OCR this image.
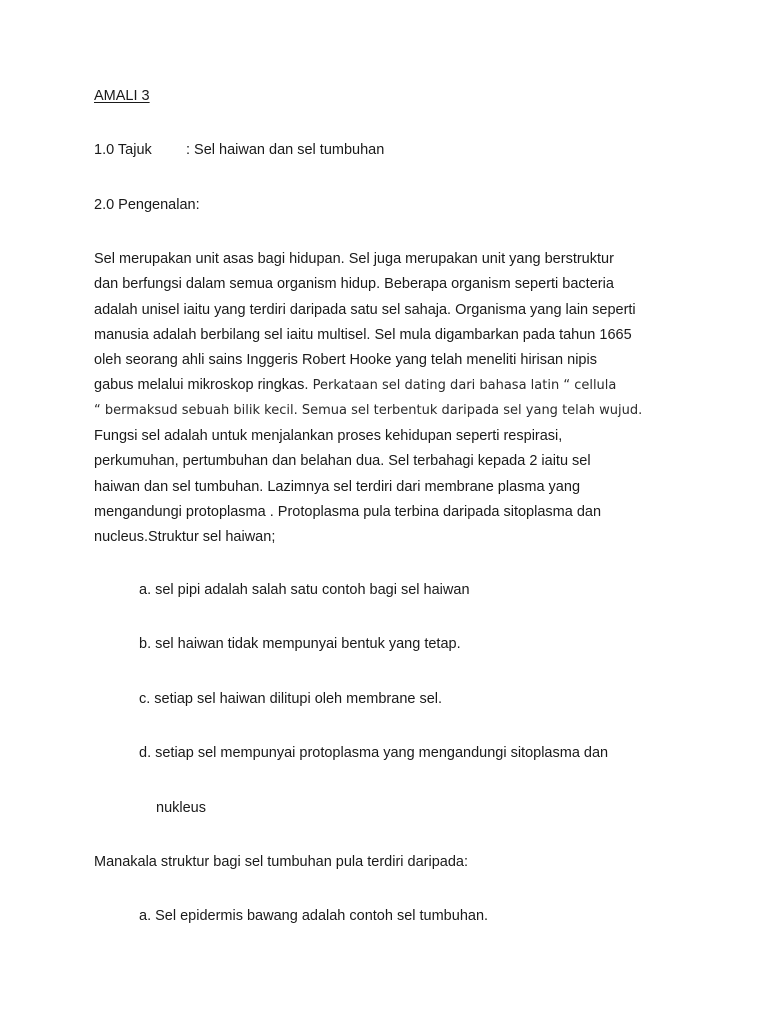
AMALI 3
1.0 Tajuk : Sel haiwan dan sel tumbuhan
2.0 Pengenalan:
Sel merupakan unit asas bagi hidupan. Sel juga merupakan unit yang berstruktur
dan berfungsi dalam semua organism hidup. Beberapa organism seperti bacteria
adalah unisel iaitu yang terdiri daripada satu sel sahaja. Organisma yang lain seperti
manusia adalah berbilang sel iaitu multisel. Sel mula digambarkan pada tahun 1665
oleh seorang ahli sains Inggeris Robert Hooke yang telah meneliti hirisan nipis
gabus melalui mikroskop ringkas. Perkataan sel dating dari bahasa latin “ cellula
“ bermaksud sebuah bilik kecil. Semua sel terbentuk daripada sel yang telah wujud.
Fungsi sel adalah untuk menjalankan proses kehidupan seperti respirasi,
perkumuhan, pertumbuhan dan belahan dua. Sel terbahagi kepada 2 iaitu sel
haiwan dan sel tumbuhan. Lazimnya sel terdiri dari membrane plasma yang
mengandungi protoplasma . Protoplasma pula terbina daripada sitoplasma dan
nucleus.Struktur sel haiwan;
a. sel pipi adalah salah satu contoh bagi sel haiwan
b. sel haiwan tidak mempunyai bentuk yang tetap.
c. setiap sel haiwan dilitupi oleh membrane sel.
d. setiap sel mempunyai protoplasma yang mengandungi sitoplasma dan
nukleus
Manakala struktur bagi sel tumbuhan pula terdiri daripada:
a. Sel epidermis bawang adalah contoh sel tumbuhan.
